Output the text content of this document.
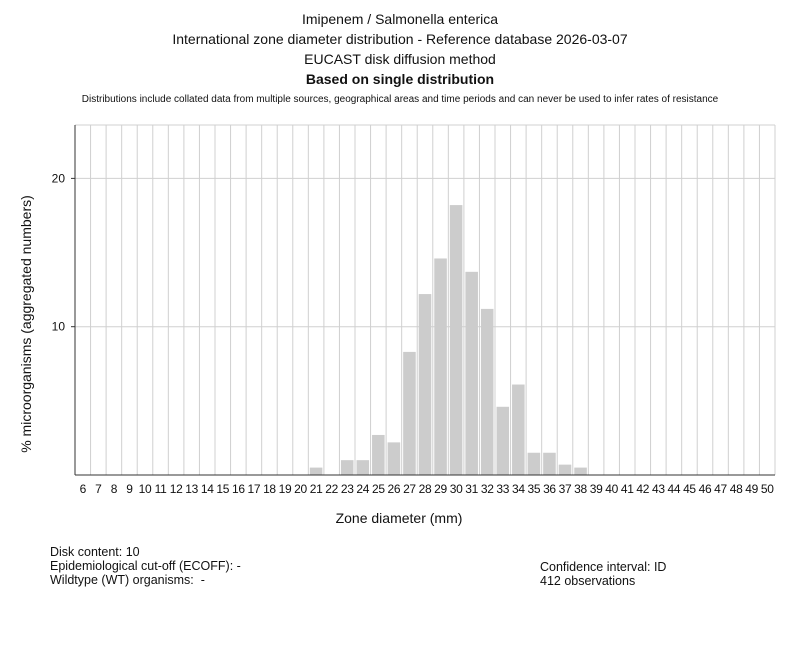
Imipenem / Salmonella enterica
International zone diameter distribution - Reference database 2026-03-07
EUCAST disk diffusion method
Based on single distribution
Distributions include collated data from multiple sources, geographical areas and time periods and can never be used to infer rates of resistance
10
20
6 7 8 9 10 11 12 13 14 15 16 17 18 19 20 21 22 23 24 25 26 27 28 29 30 31 32 33 34 35 36 37 38 39 40 41 42 43 44 45 46 47 48 49 50
Zone diameter (mm)
% microorganisms (aggregated numbers)
Disk content: 10
Epidemiological cut-off (ECOFF): -
Wildtype (WT) organisms:  -
Confidence interval: ID
412 observations
